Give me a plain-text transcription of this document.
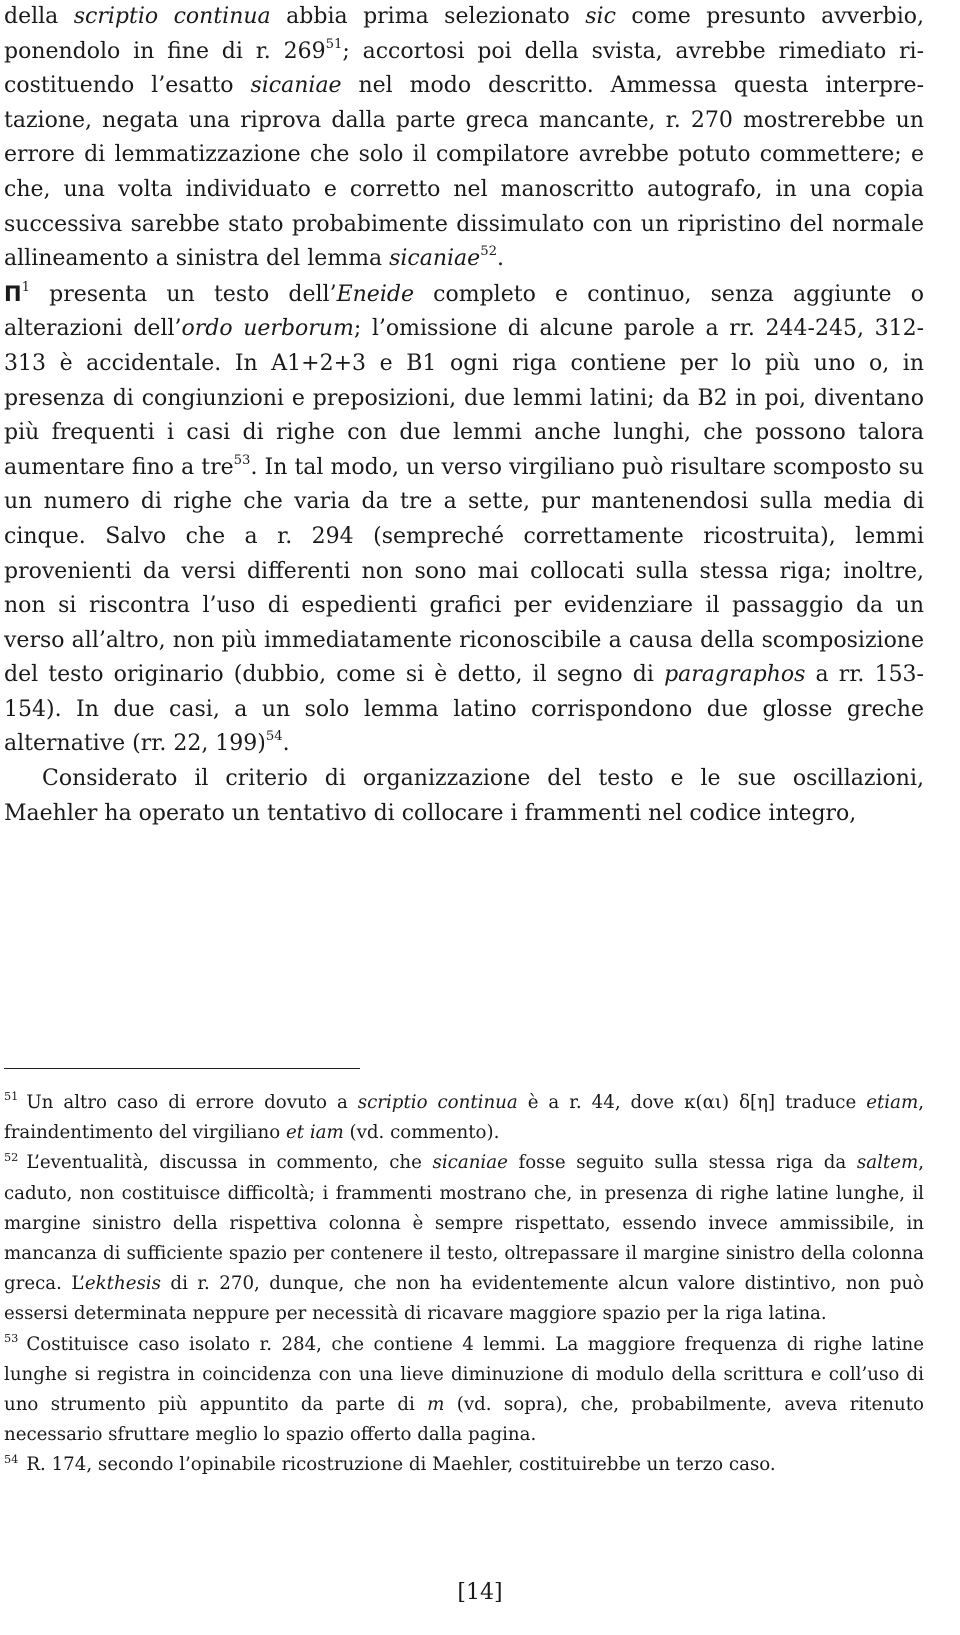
della scriptio continua abbia prima selezionato sic come presunto avverbio, ponendolo in fine di r. $269^{51}$; accortosi poi della svista, avrebbe rimediato ricostituendo l’esatto sicaniae nel modo descritto. Ammessa questa interpretazione, negata una riprova dalla parte greca mancante, r. 270 mostrerebbe un errore di lemmatizzazione che solo il compilatore avrebbe potuto commettere; e che, una volta individuato e corretto nel manoscritto autografo, in una copia successiva sarebbe stato probabimente dissimulato con un ripristino del normale allineamento a sinistra del lemma sicaniae$^{52}$.

$\Pi^1$ presenta un testo dell’Eneide completo e continuo, senza aggiunte o alterazioni dell’ordo uerborum; l’omissione di alcune parole a rr. 244-245, 312-313 è accidentale. In A1+2+3 e B1 ogni riga contiene per lo più uno o, in presenza di congiunzioni e preposizioni, due lemmi latini; da B2 in poi, diventano più frequenti i casi di righe con due lemmi anche lunghi, che possono talora aumentare fino a tre$^{53}$. In tal modo, un verso virgiliano può risultare scomposto su un numero di righe che varia da tre a sette, pur mantenendosi sulla media di cinque. Salvo che a r. 294 (sempreché correttamente ricostruita), lemmi provenienti da versi differenti non sono mai collocati sulla stessa riga; inoltre, non si riscontra l’uso di espedienti grafici per evidenziare il passaggio da un verso all’altro, non più immediatamente riconoscibile a causa della scomposizione del testo originario (dubbio, come si è detto, il segno di paragraphos a rr. 153-154). In due casi, a un solo lemma latino corrispondono due glosse greche alternative (rr. 22, 199)$^{54}$.

Considerato il criterio di organizzazione del testo e le sue oscillazioni, Maehler ha operato un tentativo di collocare i frammenti nel codice integro,

$^{51}$ Un altro caso di errore dovuto a scriptio continua è a r. 44, dove κ(αι) δ[η] traduce etiam, fraindentimento del virgiliano et iam (vd. commento).

$^{52}$ L’eventualità, discussa in commento, che sicaniae fosse seguito sulla stessa riga da saltem, caduto, non costituisce difficoltà; i frammenti mostrano che, in presenza di righe latine lunghe, il margine sinistro della rispettiva colonna è sempre rispettato, essendo invece ammissibile, in mancanza di sufficiente spazio per contenere il testo, oltrepassare il margine sinistro della colonna greca. L’ekthesis di r. 270, dunque, che non ha evidentemente alcun valore distintivo, non può essersi determinata neppure per necessità di ricavare maggiore spazio per la riga latina.

$^{53}$ Costituisce caso isolato r. 284, che contiene 4 lemmi. La maggiore frequenza di righe latine lunghe si registra in coincidenza con una lieve diminuzione di modulo della scrittura e coll’uso di uno strumento più appuntito da parte di m (vd. sopra), che, probabilmente, aveva ritenuto necessario sfruttare meglio lo spazio offerto dalla pagina.

$^{54}$ R. 174, secondo l’opinabile ricostruzione di Maehler, costituirebbe un terzo caso.

[14]
